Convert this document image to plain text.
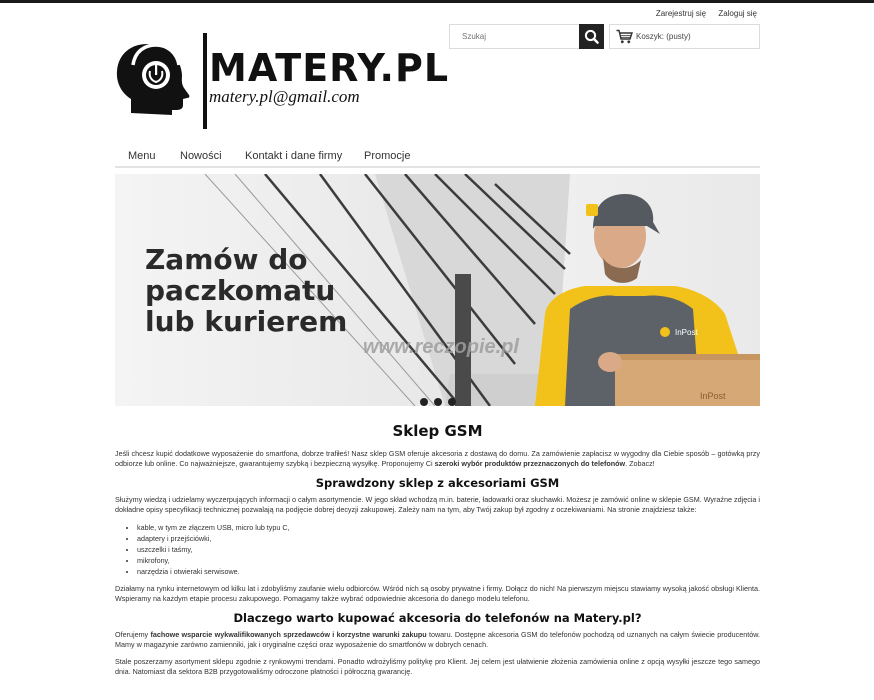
Zarejestruj się Zaloguj się
Szukaj
Koszyk: (pusty)
MATERY.PL
matery.pl@gmail.com
Menu Nowości Kontakt i dane firmy Promocje
InPost
InPost
Zamów do
paczkomatu
lub kurierem
www.reczopie.pl
Sklep GSM

Jeśli chcesz kupić dodatkowe wyposażenie do smartfona, dobrze trafiłeś! Nasz sklep GSM oferuje akcesoria z dostawą do domu. Za zamówienie zapłacisz w wygodny dla Ciebie sposób – gotówką przy odbiorze lub online. Co najważniejsze, gwarantujemy szybką i bezpieczną wysyłkę. Proponujemy Ci szeroki wybór produktów przeznaczonych do telefonów. Zobacz!

Sprawdzony sklep z akcesoriami GSM

Służymy wiedzą i udzielamy wyczerpujących informacji o całym asortymencie. W jego skład wchodzą m.in. baterie, ładowarki oraz słuchawki. Możesz je zamówić online w sklepie GSM. Wyraźne zdjęcia i dokładne opisy specyfikacji technicznej pozwalają na podjęcie dobrej decyzji zakupowej. Zależy nam na tym, aby Twój zakup był zgodny z oczekiwaniami. Na stronie znajdziesz także:

• kable, w tym ze złączem USB, micro lub typu C,
• adaptery i przejściówki,
• uszczelki i taśmy,
• mikrofony,
• narzędzia i otwieraki serwisowe.

Działamy na rynku internetowym od kilku lat i zdobyliśmy zaufanie wielu odbiorców. Wśród nich są osoby prywatne i firmy. Dołącz do nich! Na pierwszym miejscu stawiamy wysoką jakość obsługi Klienta. Wspieramy na każdym etapie procesu zakupowego. Pomagamy także wybrać odpowiednie akcesoria do danego modelu telefonu.

Dlaczego warto kupować akcesoria do telefonów na Matery.pl?

Oferujemy fachowe wsparcie wykwalifikowanych sprzedawców i korzystne warunki zakupu towaru. Dostępne akcesoria GSM do telefonów pochodzą od uznanych na całym świecie producentów. Mamy w magazynie zarówno zamienniki, jak i oryginalne części oraz wyposażenie do smartfonów w dobrych cenach.

Stale poszerzamy asortyment sklepu zgodnie z rynkowymi trendami. Ponadto wdrożyliśmy politykę pro Klient. Jej celem jest ułatwienie złożenia zamówienia online z opcją wysyłki jeszcze tego samego dnia. Natomiast dla sektora B2B przygotowaliśmy odroczone płatności i półroczną gwarancję.
